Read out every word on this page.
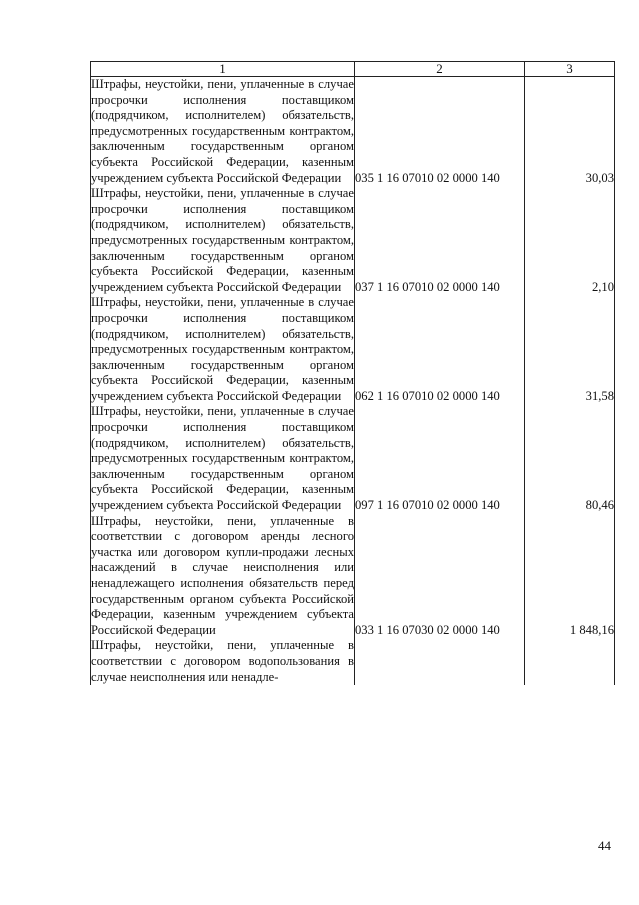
1	2	3
Штрафы, неустойки, пени, уплаченные в случае просрочки исполнения поставщиком (подрядчиком, исполнителем) обязательств, предусмотренных государственным контрактом, заключенным государственным органом субъекта Российской Федерации, казенным учреждением субъекта Российской Федерации	035 1 16 07010 02 0000 140	30,03
Штрафы, неустойки, пени, уплаченные в случае просрочки исполнения поставщиком (подрядчиком, исполнителем) обязательств, предусмотренных государственным контрактом, заключенным государственным органом субъекта Российской Федерации, казенным учреждением субъекта Российской Федерации	037 1 16 07010 02 0000 140	2,10
Штрафы, неустойки, пени, уплаченные в случае просрочки исполнения поставщиком (подрядчиком, исполнителем) обязательств, предусмотренных государственным контрактом, заключенным государственным органом субъекта Российской Федерации, казенным учреждением субъекта Российской Федерации	062 1 16 07010 02 0000 140	31,58
Штрафы, неустойки, пени, уплаченные в случае просрочки исполнения поставщиком (подрядчиком, исполнителем) обязательств, предусмотренных государственным контрактом, заключенным государственным органом субъекта Российской Федерации, казенным учреждением субъекта Российской Федерации	097 1 16 07010 02 0000 140	80,46
Штрафы, неустойки, пени, уплаченные в соответствии с договором аренды лесного участка или договором купли-продажи лесных насаждений в случае неисполнения или ненадлежащего исполнения обязательств перед государственным органом субъекта Российской Федерации, казенным учреждением субъекта Российской Федерации	033 1 16 07030 02 0000 140	1 848,16
Штрафы, неустойки, пени, уплаченные в соответствии с договором водопользования в случае неисполнения или ненадле-		
44
